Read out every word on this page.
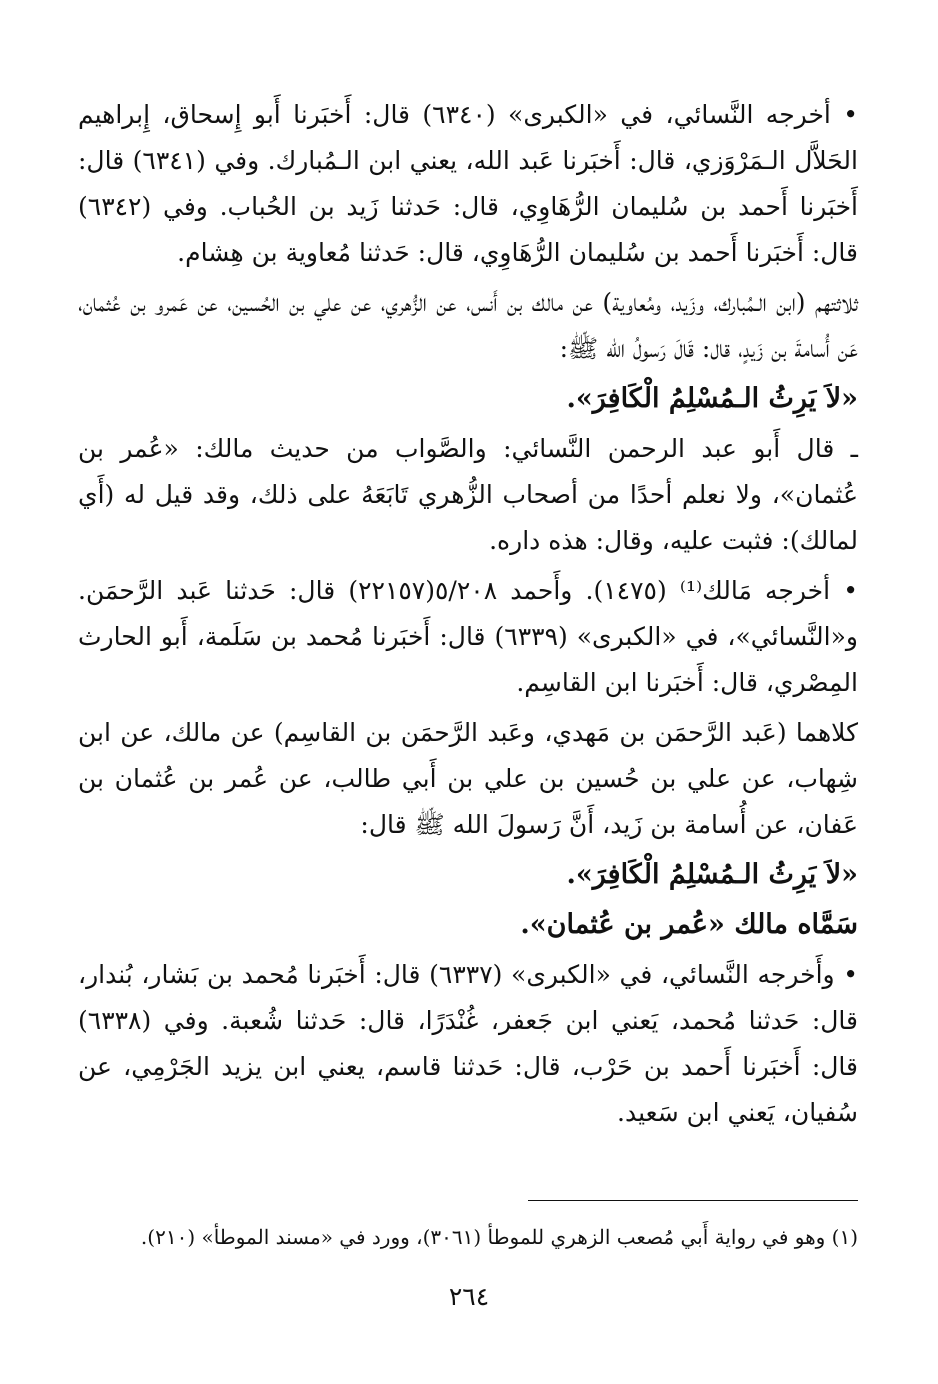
• أخرجه النَّسائي، في «الكبرى» (٦٣٤٠) قال: أَخبَرنا أَبو إِسحاق، إِبراهيم الحَلاَّل الـمَرْوَزي، قال: أَخبَرنا عَبد الله، يعني ابن الـمُبارك. وفي (٦٣٤١) قال: أَخبَرنا أَحمد بن سُليمان الرُّهَاوِي، قال: حَدثنا زَيد بن الحُباب. وفي (٦٣٤٢) قال: أَخبَرنا أَحمد بن سُليمان الرُّهَاوِي، قال: حَدثنا مُعاوية بن هِشام.

ثلاثتهم (ابن الـمُبارك، وزَيد، ومُعاوية) عن مالك بن أَنس، عن الزُّهري، عن علي بن الحُسين، عن عَمرو بن عُثمان، عَن أُسامةَ بن زَيدٍ، قال: قَالَ رَسولُ الله ﷺ:

«لاَ يَرِثُ الـمُسْلِمُ الْكَافِرَ».

ـ قال أَبو عبد الرحمن النَّسائي: والصَّواب من حديث مالك: «عُمر بن عُثمان»، ولا نعلم أحدًا من أصحاب الزُّهري تَابَعَهُ على ذلك، وقد قيل له (أَي لمالك): فثبت عليه، وقال: هذه داره.

• أخرجه مَالك⁽¹⁾ (١٤٧٥). وأَحمد ٥/٢٠٨(٢٢١٥٧) قال: حَدثنا عَبد الرَّحمَن. و«النَّسائي»، في «الكبرى» (٦٣٣٩) قال: أَخبَرنا مُحمد بن سَلَمة، أَبو الحارث المِصْري، قال: أَخبَرنا ابن القاسِم.

كلاهما (عَبد الرَّحمَن بن مَهدي، وعَبد الرَّحمَن بن القاسِم) عن مالك، عن ابن شِهاب، عن علي بن حُسين بن علي بن أَبي طالب، عن عُمر بن عُثمان بن عَفان، عن أُسامة بن زَيد، أَنَّ رَسولَ الله ﷺ قال:

«لاَ يَرِثُ الـمُسْلِمُ الْكَافِرَ».

سَمَّاه مالك «عُمر بن عُثمان».

• وأَخرجه النَّسائي، في «الكبرى» (٦٣٣٧) قال: أَخبَرنا مُحمد بن بَشار، بُندار، قال: حَدثنا مُحمد، يَعني ابن جَعفر، غُنْدَرًا، قال: حَدثنا شُعبة. وفي (٦٣٣٨) قال: أَخبَرنا أَحمد بن حَرْب، قال: حَدثنا قاسم، يعني ابن يزيد الجَرْمِي، عن سُفيان، يَعني ابن سَعيد.

(١) وهو في رواية أَبي مُصعب الزهري للموطأ (٣٠٦١)، وورد في «مسند الموطأ» (٢١٠).
٢٦٤
